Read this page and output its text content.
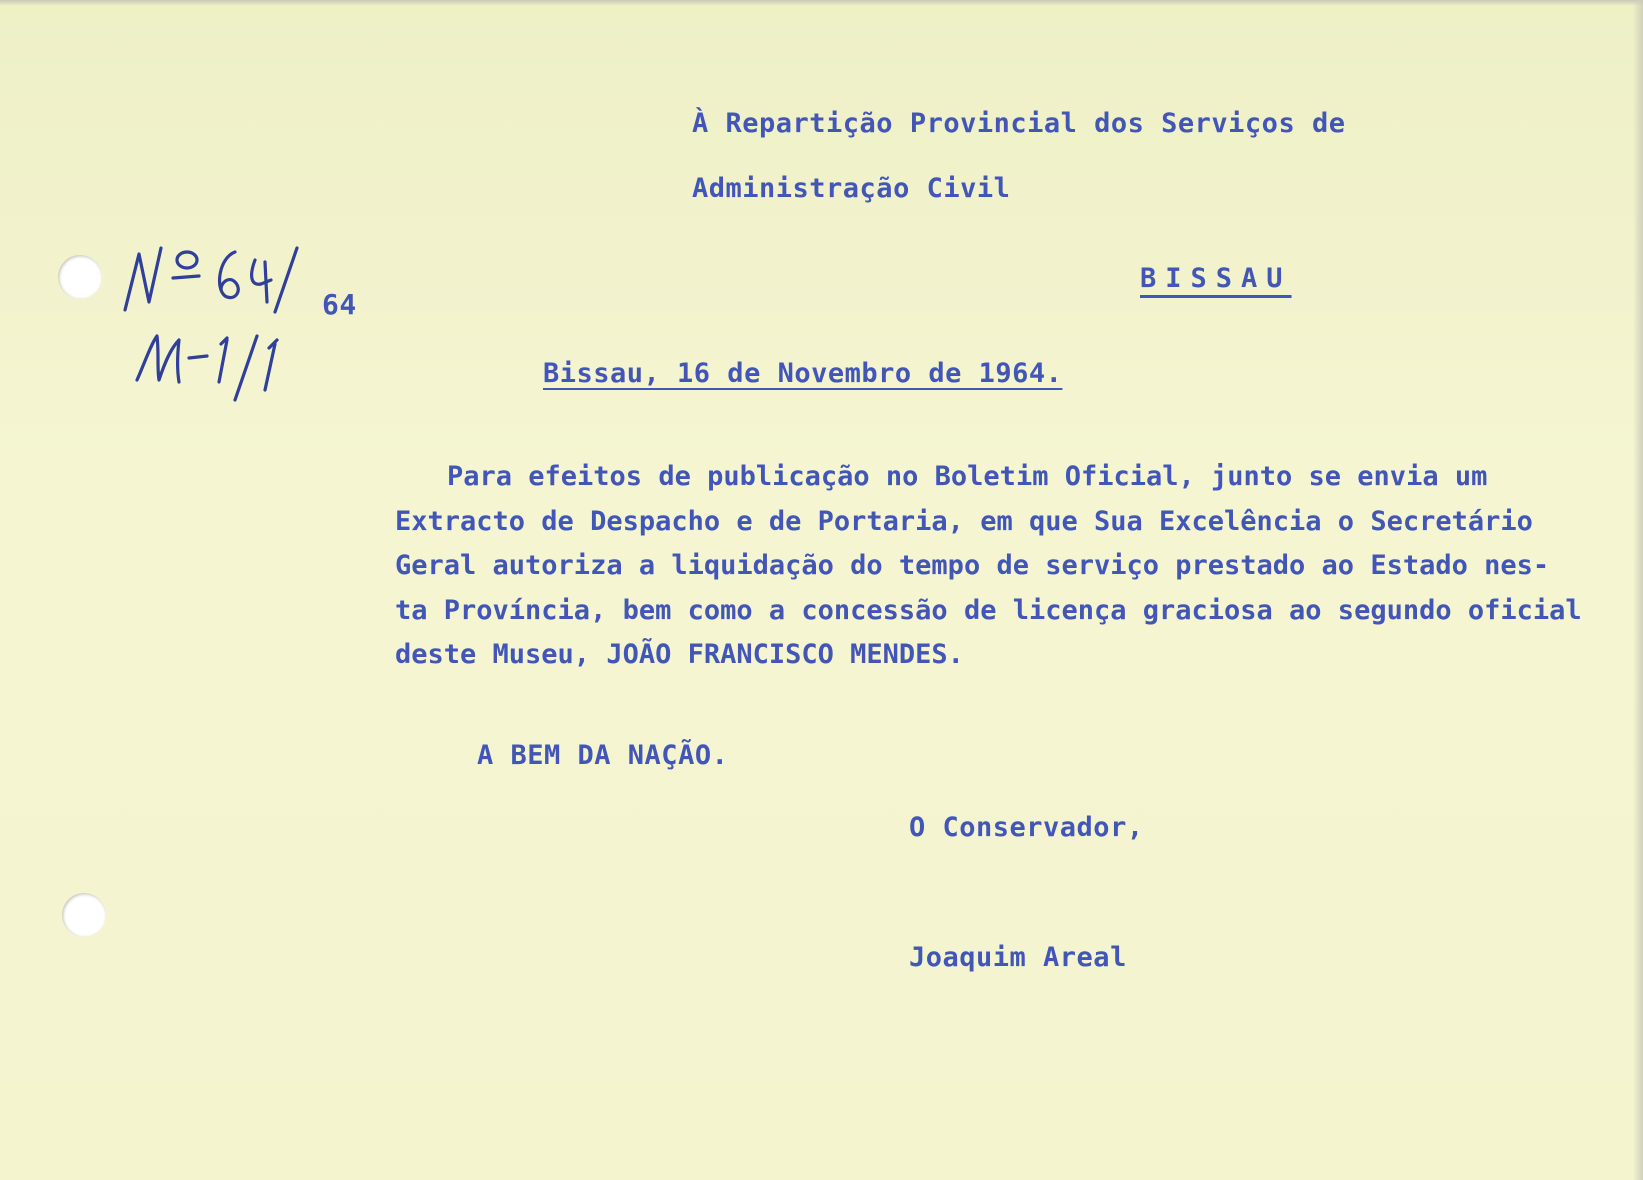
À Repartição Provincial dos Serviços de
Administração Civil
BISSAU
64
Bissau, 16 de Novembro de 1964.
Para efeitos de publicação no Boletim Oficial, junto se envia um
Extracto de Despacho e de Portaria, em que Sua Excelência o Secretário
Geral autoriza a liquidação do tempo de serviço prestado ao Estado nes-
ta Província, bem como a concessão de licença graciosa ao segundo oficial
deste Museu, JOÃO FRANCISCO MENDES.
A BEM DA NAÇÃO.
O Conservador,
Joaquim Areal
